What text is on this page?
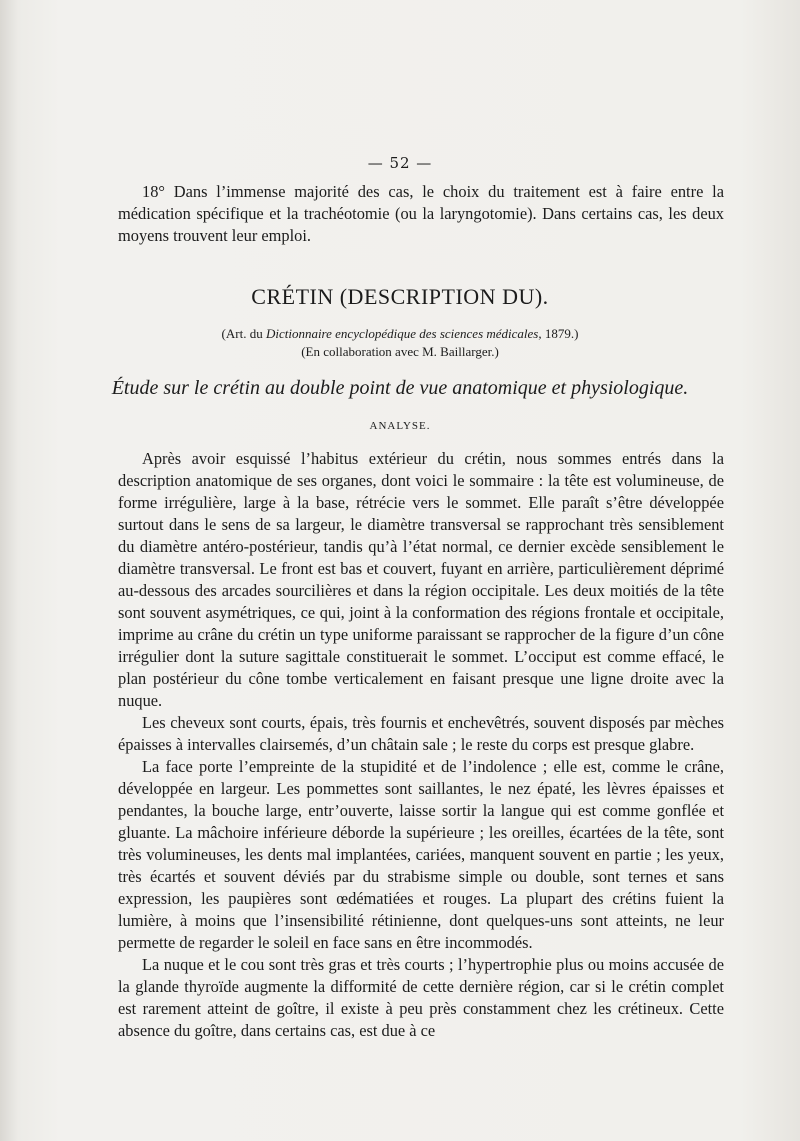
— 52 —

18° Dans l’immense majorité des cas, le choix du traitement est à faire entre la médication spécifique et la trachéotomie (ou la laryngotomie). Dans certains cas, les deux moyens trouvent leur emploi.

CRÉTIN (DESCRIPTION DU).
(Art. du Dictionnaire encyclopédique des sciences médicales, 1879.)
(En collaboration avec M. Baillarger.)
Étude sur le crétin au double point de vue anatomique et physiologique.
ANALYSE.

Après avoir esquissé l’habitus extérieur du crétin, nous sommes entrés dans la description anatomique de ses organes, dont voici le sommaire : la tête est volumineuse, de forme irrégulière, large à la base, rétrécie vers le sommet. Elle paraît s’être développée surtout dans le sens de sa largeur, le diamètre transversal se rapprochant très sensiblement du diamètre antéro-postérieur, tandis qu’à l’état normal, ce dernier excède sensiblement le diamètre transversal. Le front est bas et couvert, fuyant en arrière, particulièrement déprimé au-dessous des arcades sourcilières et dans la région occipitale. Les deux moitiés de la tête sont souvent asymétriques, ce qui, joint à la conformation des régions frontale et occipitale, imprime au crâne du crétin un type uniforme paraissant se rapprocher de la figure d’un cône irrégulier dont la suture sagittale constituerait le sommet. L’occiput est comme effacé, le plan postérieur du cône tombe verticalement en faisant presque une ligne droite avec la nuque.

Les cheveux sont courts, épais, très fournis et enchevêtrés, souvent disposés par mèches épaisses à intervalles clairsemés, d’un châtain sale ; le reste du corps est presque glabre.

La face porte l’empreinte de la stupidité et de l’indolence ; elle est, comme le crâne, développée en largeur. Les pommettes sont saillantes, le nez épaté, les lèvres épaisses et pendantes, la bouche large, entr’ouverte, laisse sortir la langue qui est comme gonflée et gluante. La mâchoire inférieure déborde la supérieure ; les oreilles, écartées de la tête, sont très volumineuses, les dents mal implantées, cariées, manquent souvent en partie ; les yeux, très écartés et souvent déviés par du strabisme simple ou double, sont ternes et sans expression, les paupières sont œdématiées et rouges. La plupart des crétins fuient la lumière, à moins que l’insensibilité rétinienne, dont quelques-uns sont atteints, ne leur permette de regarder le soleil en face sans en être incommodés.

La nuque et le cou sont très gras et très courts ; l’hypertrophie plus ou moins accusée de la glande thyroïde augmente la difformité de cette dernière région, car si le crétin complet est rarement atteint de goître, il existe à peu près constamment chez les crétineux. Cette absence du goître, dans certains cas, est due à ce
